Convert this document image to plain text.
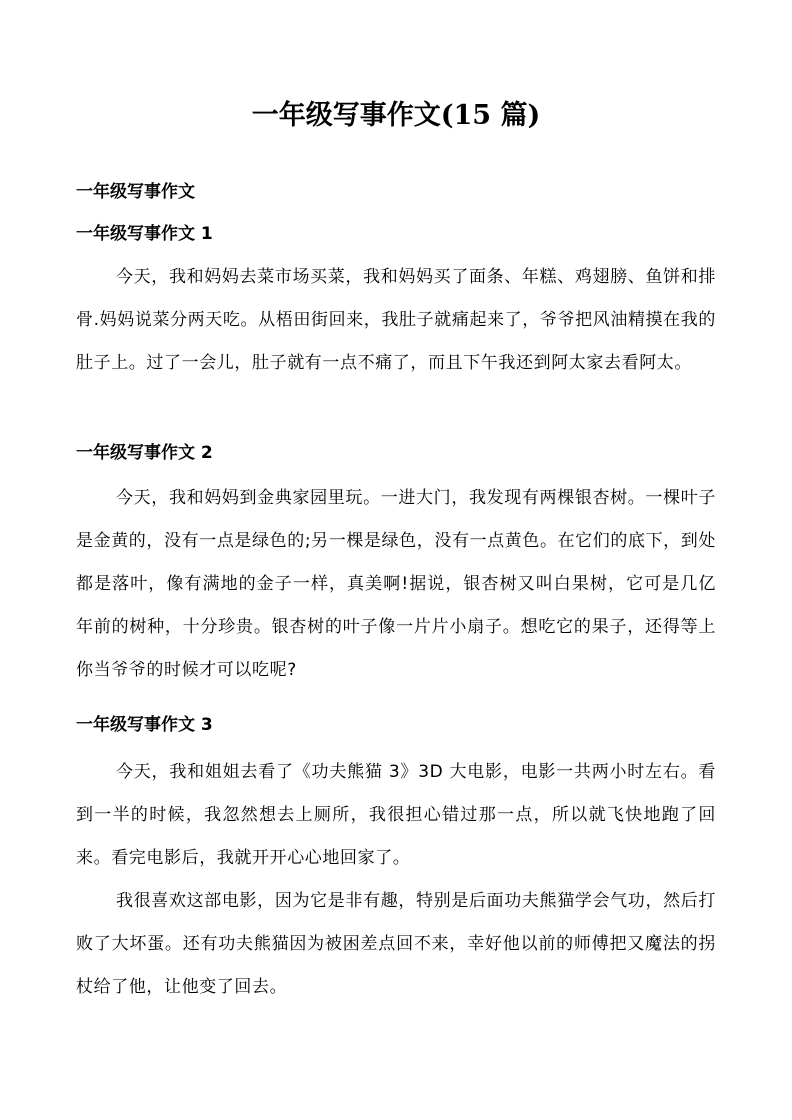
一年级写事作文(15 篇)
一年级写事作文
一年级写事作文 1

今天，我和妈妈去菜市场买菜，我和妈妈买了面条、年糕、鸡翅膀、鱼饼和排骨.妈妈说菜分两天吃。从梧田街回来，我肚子就痛起来了，爷爷把风油精摸在我的肚子上。过了一会儿，肚子就有一点不痛了，而且下午我还到阿太家去看阿太。

一年级写事作文 2

今天，我和妈妈到金典家园里玩。一进大门，我发现有两棵银杏树。一棵叶子是金黄的，没有一点是绿色的;另一棵是绿色，没有一点黄色。在它们的底下，到处都是落叶，像有满地的金子一样，真美啊!据说，银杏树又叫白果树，它可是几亿年前的树种，十分珍贵。银杏树的叶子像一片片小扇子。想吃它的果子，还得等上你当爷爷的时候才可以吃呢?

一年级写事作文 3

今天，我和姐姐去看了《功夫熊猫 3》3D 大电影，电影一共两小时左右。看到一半的时候，我忽然想去上厕所，我很担心错过那一点，所以就飞快地跑了回来。看完电影后，我就开开心心地回家了。

我很喜欢这部电影，因为它是非有趣，特别是后面功夫熊猫学会气功，然后打败了大坏蛋。还有功夫熊猫因为被困差点回不来，幸好他以前的师傅把又魔法的拐杖给了他，让他变了回去。
